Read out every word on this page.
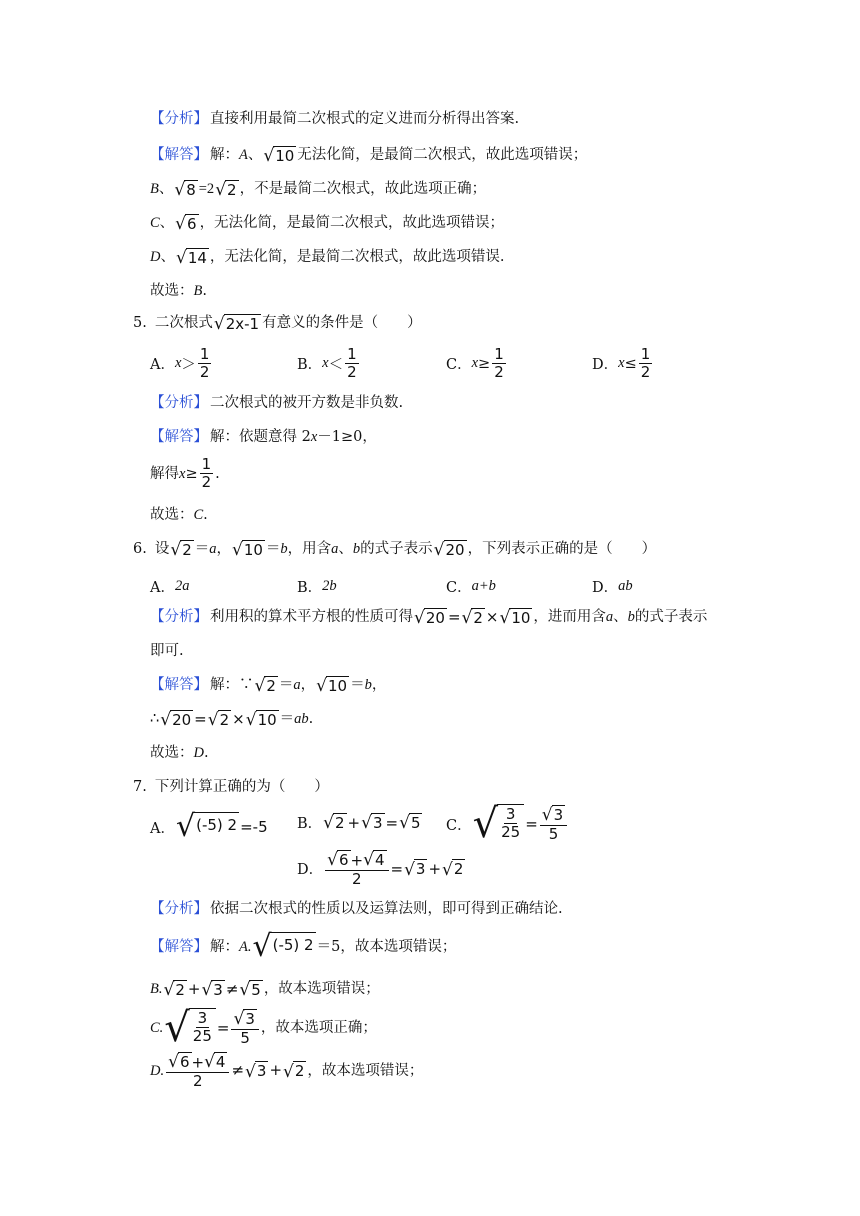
【分析】 直接利用最简二次根式的定义进而分析得出答案.
【解答】 解： A 、 √ 10 无法化简，是最简二次根式，故此选项错误；
B 、 √ 8 =2 √ 2 ，不是最简二次根式，故此选项正确；
C 、 √ 6 ，无法化简，是最简二次根式，故此选项错误；
D 、 √ 14 ，无法化简，是最简二次根式，故此选项错误.
故选： B .
5. 二次根式 √ 2x-1 有意义的条件是（　　）
A． $x > \frac{1}{2}$	B． $x < \frac{1}{2}$	C． $x \ge \frac{1}{2}$	D． $x \le \frac{1}{2}$
【分析】 二次根式的被开方数是非负数.
【解答】 解：依题意得 2 x －1≥0，
解得 $x \ge \frac{1}{2}$ .
故选： C .
6. 设 √ 2 ＝ a ， √ 10 ＝ b ，用含 a 、 b 的式子表示 √ 20 ，下列表示正确的是（　　）
A． 2a	B． 2b	C． a+b	D． ab
【分析】 利用积的算术平方根的性质可得 √ 20 = √ 2 × √ 10 ，进而用含 a 、 b 的式子表示
即可.
【解答】 解：∵ √ 2 ＝ a ， √ 10 ＝ b ，
∴ √ 20 = √ 2 × √ 10 ＝ ab .
故选： D .
7. 下列计算正确的为（　　）
A． √ (-5) 2 =-5 B． √ 2 + √ 3 = √ 5 C． √ $\frac{3}{25} = \frac{√ 3}{5}$
D． $\frac{√ 6 + √ 4}{2}$ = √ 3 + √ 2
【分析】 依据二次根式的性质以及运算法则，即可得到正确结论.
【解答】 解： A. √ (-5) 2 ＝5，故本选项错误；
B. √ 2 + √ 3 ≠ √ 5 ，故本选项错误；
C. √ $\frac{3}{25} = \frac{√ 3}{5}$ ，故本选项正确；
D. $\frac{√ 6 + √ 4}{2}$ ≠ √ 3 + √ 2 ，故本选项错误；
